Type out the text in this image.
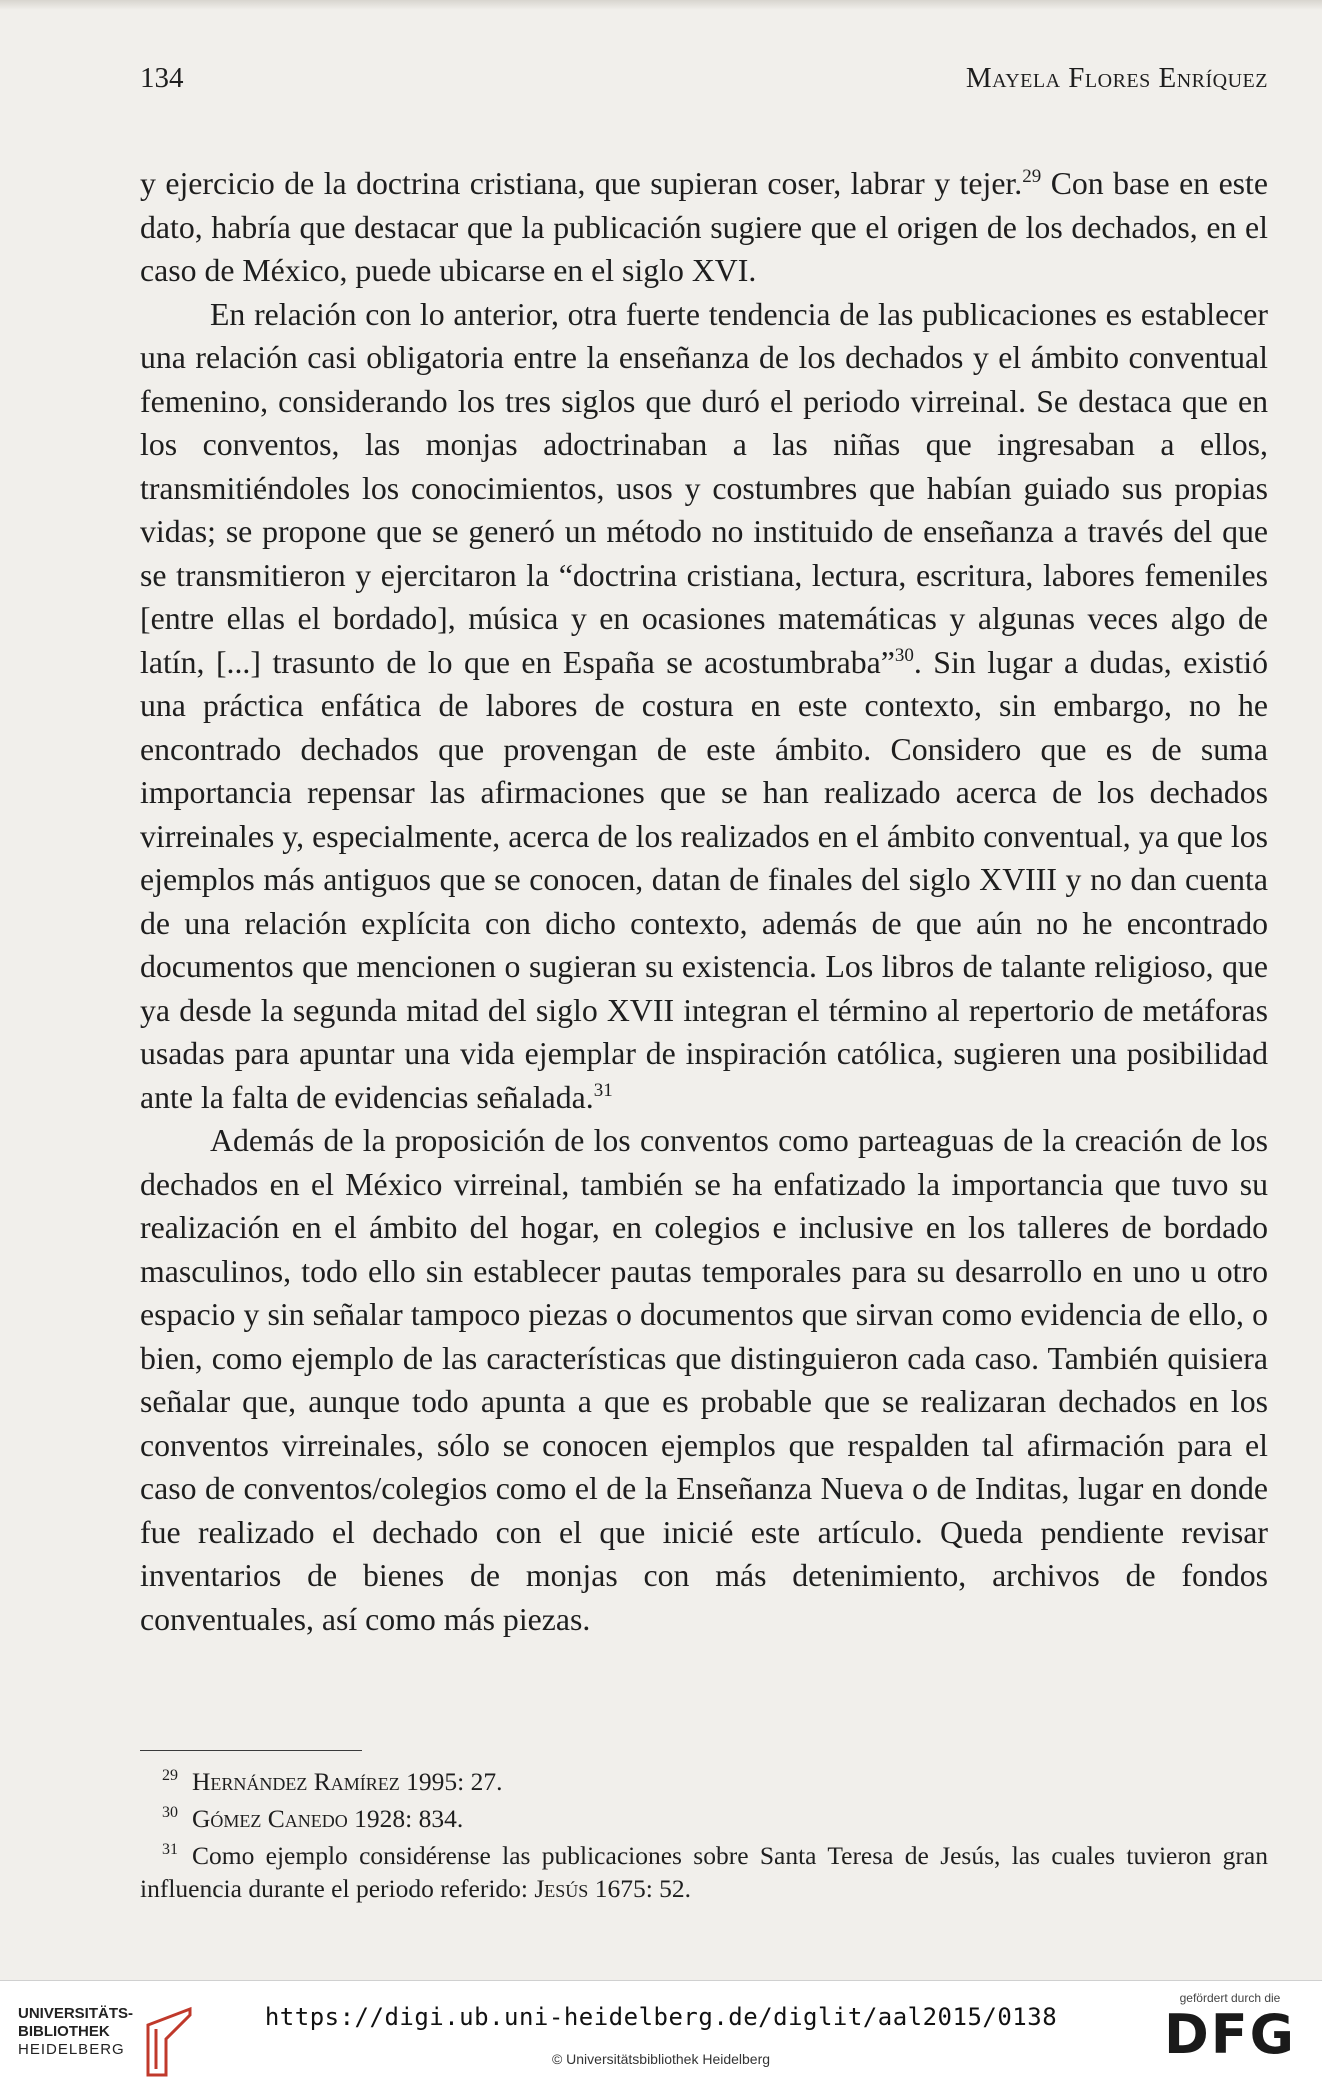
134	Mayela Flores Enríquez

y ejercicio de la doctrina cristiana, que supieran coser, labrar y tejer.$^{29}$ Con base en este dato, habría que destacar que la publicación sugiere que el origen de los dechados, en el caso de México, puede ubicarse en el siglo XVI.

En relación con lo anterior, otra fuerte tendencia de las publicaciones es establecer una relación casi obligatoria entre la enseñanza de los dechados y el ámbito conventual femenino, considerando los tres siglos que duró el periodo virreinal. Se destaca que en los conventos, las monjas adoctrinaban a las niñas que ingresaban a ellos, transmitiéndoles los conocimientos, usos y costumbres que habían guiado sus propias vidas; se propone que se generó un método no instituido de enseñanza a través del que se transmitieron y ejercitaron la “doctrina cristiana, lectura, escritura, labores femeniles [entre ellas el bordado], música y en ocasiones matemáticas y algunas veces algo de latín, [...] trasunto de lo que en España se acostumbraba”$^{30}$. Sin lugar a dudas, existió una práctica enfática de labores de costura en este contexto, sin embargo, no he encontrado dechados que provengan de este ámbito. Considero que es de suma importancia repensar las afirmaciones que se han realizado acerca de los dechados virreinales y, especialmente, acerca de los realizados en el ámbito conventual, ya que los ejemplos más antiguos que se conocen, datan de finales del siglo XVIII y no dan cuenta de una relación explícita con dicho contexto, además de que aún no he encontrado documentos que mencionen o sugieran su existencia. Los libros de talante religioso, que ya desde la segunda mitad del siglo XVII integran el término al repertorio de metáforas usadas para apuntar una vida ejemplar de inspiración católica, sugieren una posibilidad ante la falta de evidencias señalada.$^{31}$

Además de la proposición de los conventos como parteaguas de la creación de los dechados en el México virreinal, también se ha enfatizado la importancia que tuvo su realización en el ámbito del hogar, en colegios e inclusive en los talleres de bordado masculinos, todo ello sin establecer pautas temporales para su desarrollo en uno u otro espacio y sin señalar tampoco piezas o documentos que sirvan como evidencia de ello, o bien, como ejemplo de las características que distinguieron cada caso. También quisiera señalar que, aunque todo apunta a que es probable que se realizaran dechados en los conventos virreinales, sólo se conocen ejemplos que respalden tal afirmación para el caso de conventos/colegios como el de la Enseñanza Nueva o de Inditas, lugar en donde fue realizado el dechado con el que inicié este artículo. Queda pendiente revisar inventarios de bienes de monjas con más detenimiento, archivos de fondos conventuales, así como más piezas.

$^{29}$ Hernández Ramírez 1995: 27.

$^{30}$ Gómez Canedo 1928: 834.

$^{31}$ Como ejemplo considérense las publicaciones sobre Santa Teresa de Jesús, las cuales tuvieron gran influencia durante el periodo referido: Jesús 1675: 52.

UNIVERSITÄTS-
BIBLIOTHEK
HEIDELBERG
https://digi.ub.uni-heidelberg.de/diglit/aal2015/0138
© Universitätsbibliothek Heidelberg
gefördert durch die
DFG
